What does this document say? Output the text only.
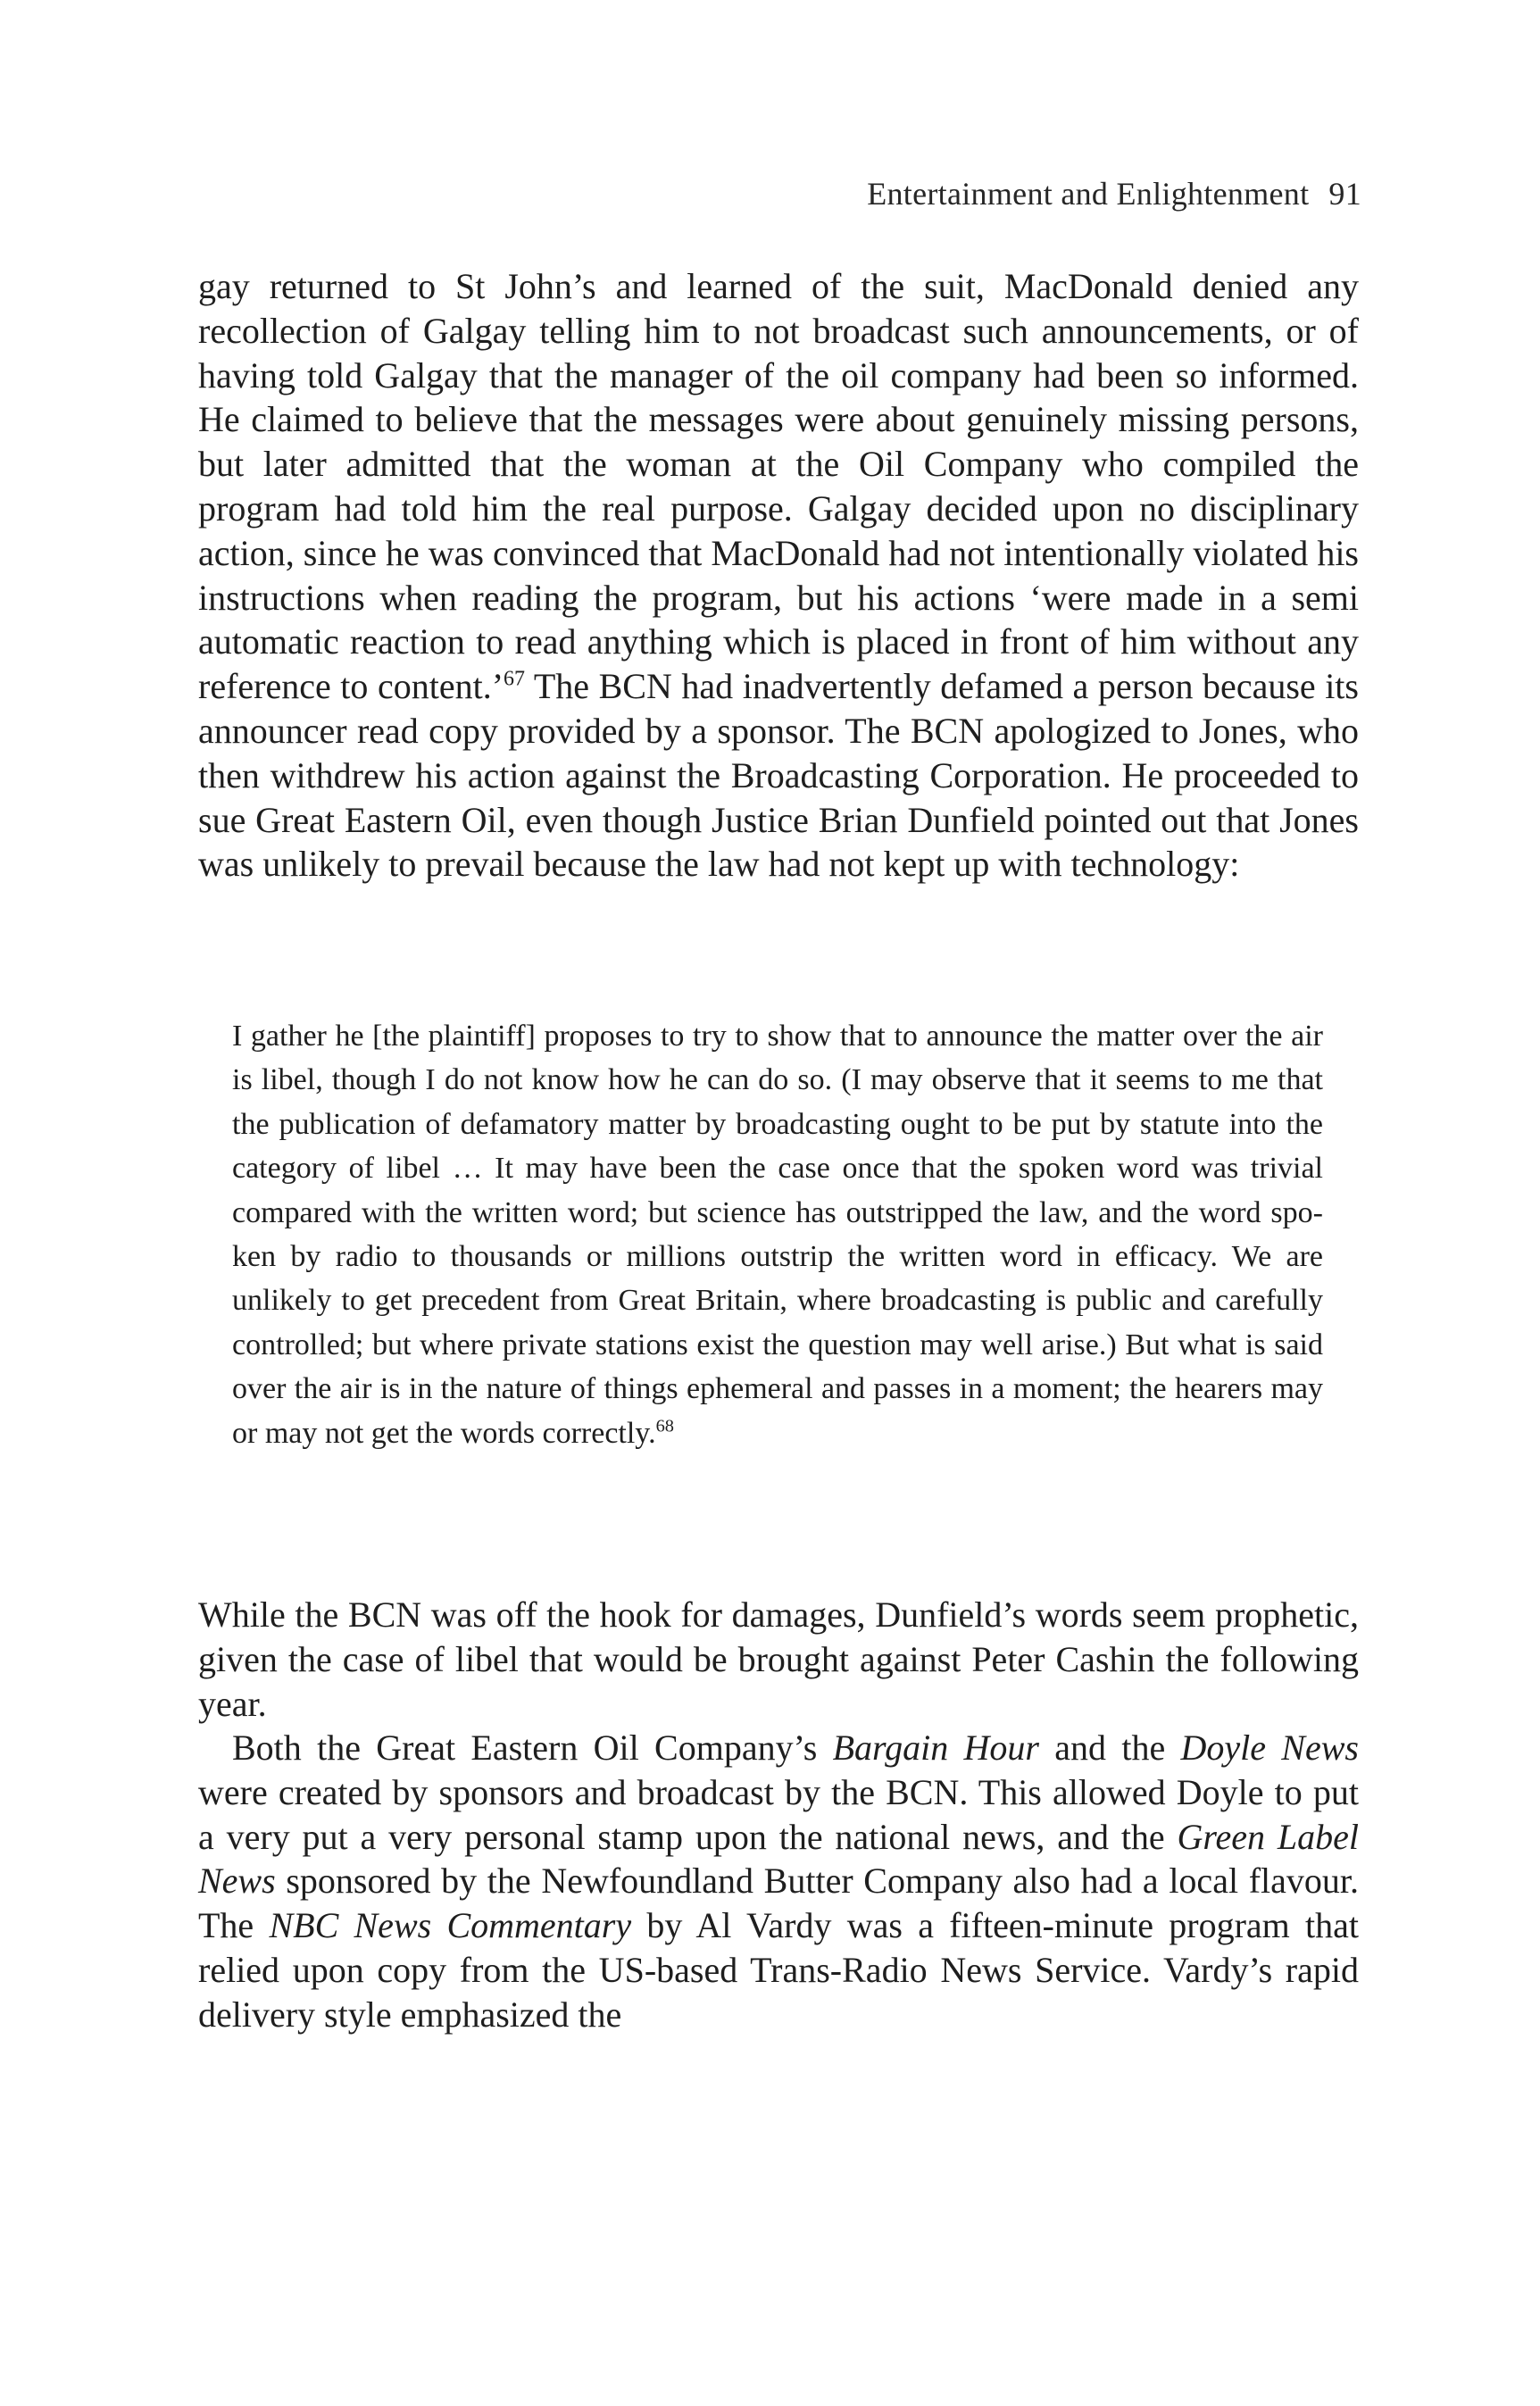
Entertainment and Enlightenment 91

gay returned to St John’s and learned of the suit, MacDonald denied any recollection of Galgay telling him to not broadcast such announcements, or of having told Galgay that the manager of the oil company had been so informed. He claimed to believe that the messages were about genuinely missing persons, but later admitted that the woman at the Oil Company who compiled the program had told him the real purpose. Galgay decided upon no disciplinary action, since he was convinced that MacDonald had not intentionally violated his instructions when reading the program, but his actions ‘were made in a semi automatic reaction to read anything which is placed in front of him without any reference to content.’$^{67}$ The BCN had inadvertently defamed a person because its announcer read copy provided by a sponsor. The BCN apologized to Jones, who then withdrew his action against the Broadcasting Corporation. He proceeded to sue Great Eastern Oil, even though Justice Brian Dunfield pointed out that Jones was unlikely to prevail because the law had not kept up with technology:

I gather he [the plaintiff] proposes to try to show that to announce the matter over the air is libel, though I do not know how he can do so. (I may observe that it seems to me that the publication of defamatory matter by broadcasting ought to be put by statute into the category of libel … It may have been the case once that the spoken word was trivial compared with the written word; but science has outstripped the law, and the word spoken by radio to thousands or millions outstrip the written word in efficacy. We are unlikely to get precedent from Great Britain, where broadcasting is public and carefully controlled; but where private stations exist the question may well arise.) But what is said over the air is in the nature of things ephemeral and passes in a moment; the hearers may or may not get the words correctly.$^{68}$

While the BCN was off the hook for damages, Dunfield’s words seem prophetic, given the case of libel that would be brought against Peter Cashin the following year.

Both the Great Eastern Oil Company’s Bargain Hour and the Doyle News were created by sponsors and broadcast by the BCN. This allowed Doyle to put a very put a very personal stamp upon the national news, and the Green Label News sponsored by the Newfoundland Butter Company also had a local flavour. The NBC News Commentary by Al Vardy was a fifteen-minute program that relied upon copy from the US-based Trans-Radio News Service. Vardy’s rapid delivery style emphasized the
